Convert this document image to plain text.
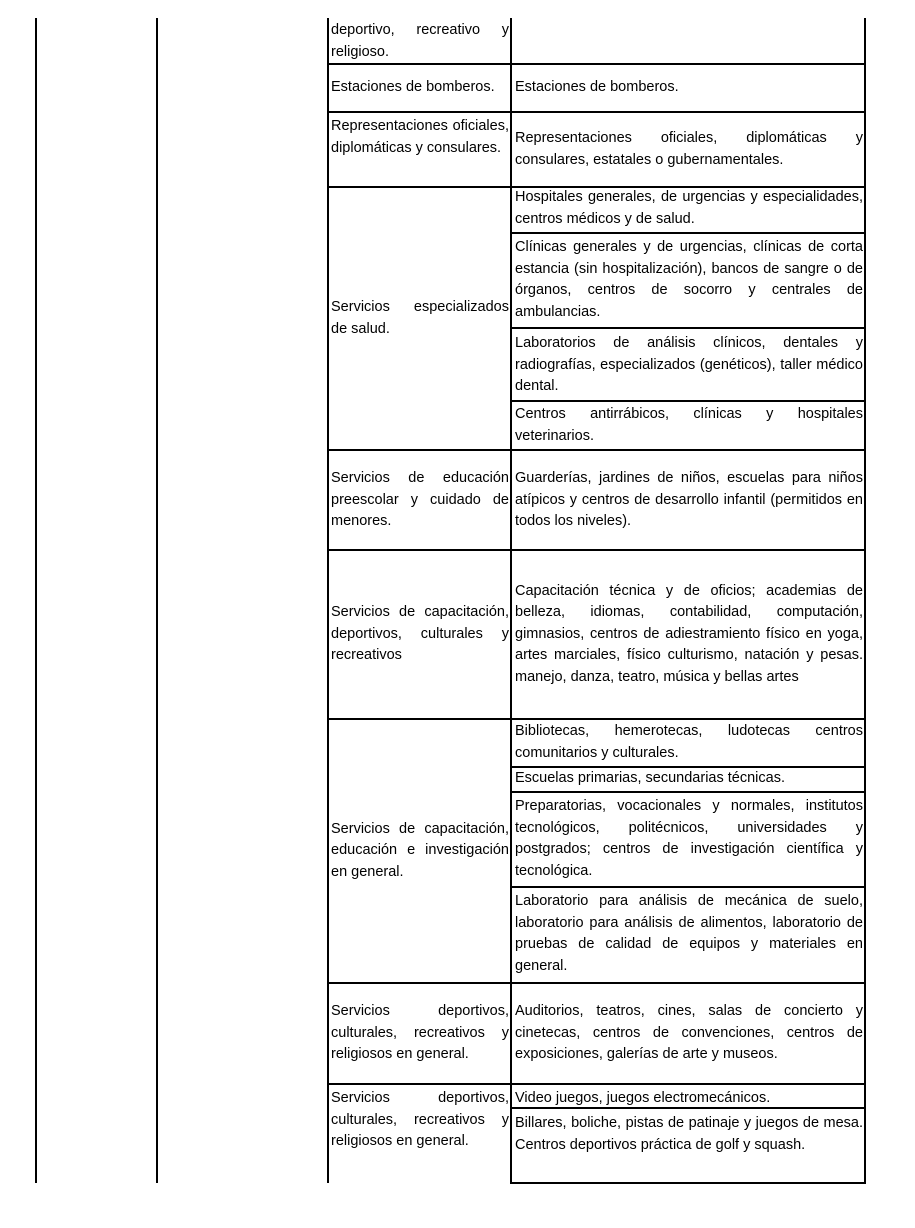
deportivo, recreativo y religioso.
Estaciones de bomberos.	Estaciones de bomberos.
Representaciones oficiales, diplomáticas y consulares.
Representaciones oficiales, diplomáticas y consulares, estatales o gubernamentales.
Servicios especializados de salud.
Hospitales generales, de urgencias y especialidades, centros médicos y de salud.
Clínicas generales y de urgencias, clínicas de corta estancia (sin hospitalización), bancos de sangre o de órganos, centros de socorro y centrales de ambulancias.
Laboratorios de análisis clínicos, dentales y radiografías, especializados (genéticos), taller médico dental.
Centros antirrábicos, clínicas y hospitales veterinarios.
Servicios de educación preescolar y cuidado de menores.
Guarderías, jardines de niños, escuelas para niños atípicos y centros de desarrollo infantil (permitidos en todos los niveles).
Servicios de capacitación, deportivos, culturales y recreativos
Capacitación técnica y de oficios; academias de belleza, idiomas, contabilidad, computación, gimnasios, centros de adiestramiento físico en yoga, artes marciales, físico culturismo, natación y pesas. manejo, danza, teatro, música y bellas artes
Servicios de capacitación, educación e investigación en general.
Bibliotecas, hemerotecas, ludotecas centros comunitarios y culturales.
Escuelas primarias, secundarias técnicas.
Preparatorias, vocacionales y normales, institutos tecnológicos, politécnicos, universidades y postgrados; centros de investigación científica y tecnológica.
Laboratorio para análisis de mecánica de suelo, laboratorio para análisis de alimentos, laboratorio de pruebas de calidad de equipos y materiales en general.
Servicios deportivos, culturales, recreativos y religiosos en general.
Auditorios, teatros, cines, salas de concierto y cinetecas, centros de convenciones, centros de exposiciones, galerías de arte y museos.
Servicios deportivos, culturales, recreativos y religiosos en general.
Video juegos, juegos electromecánicos.
Billares, boliche, pistas de patinaje y juegos de mesa. Centros deportivos práctica de golf y squash.
